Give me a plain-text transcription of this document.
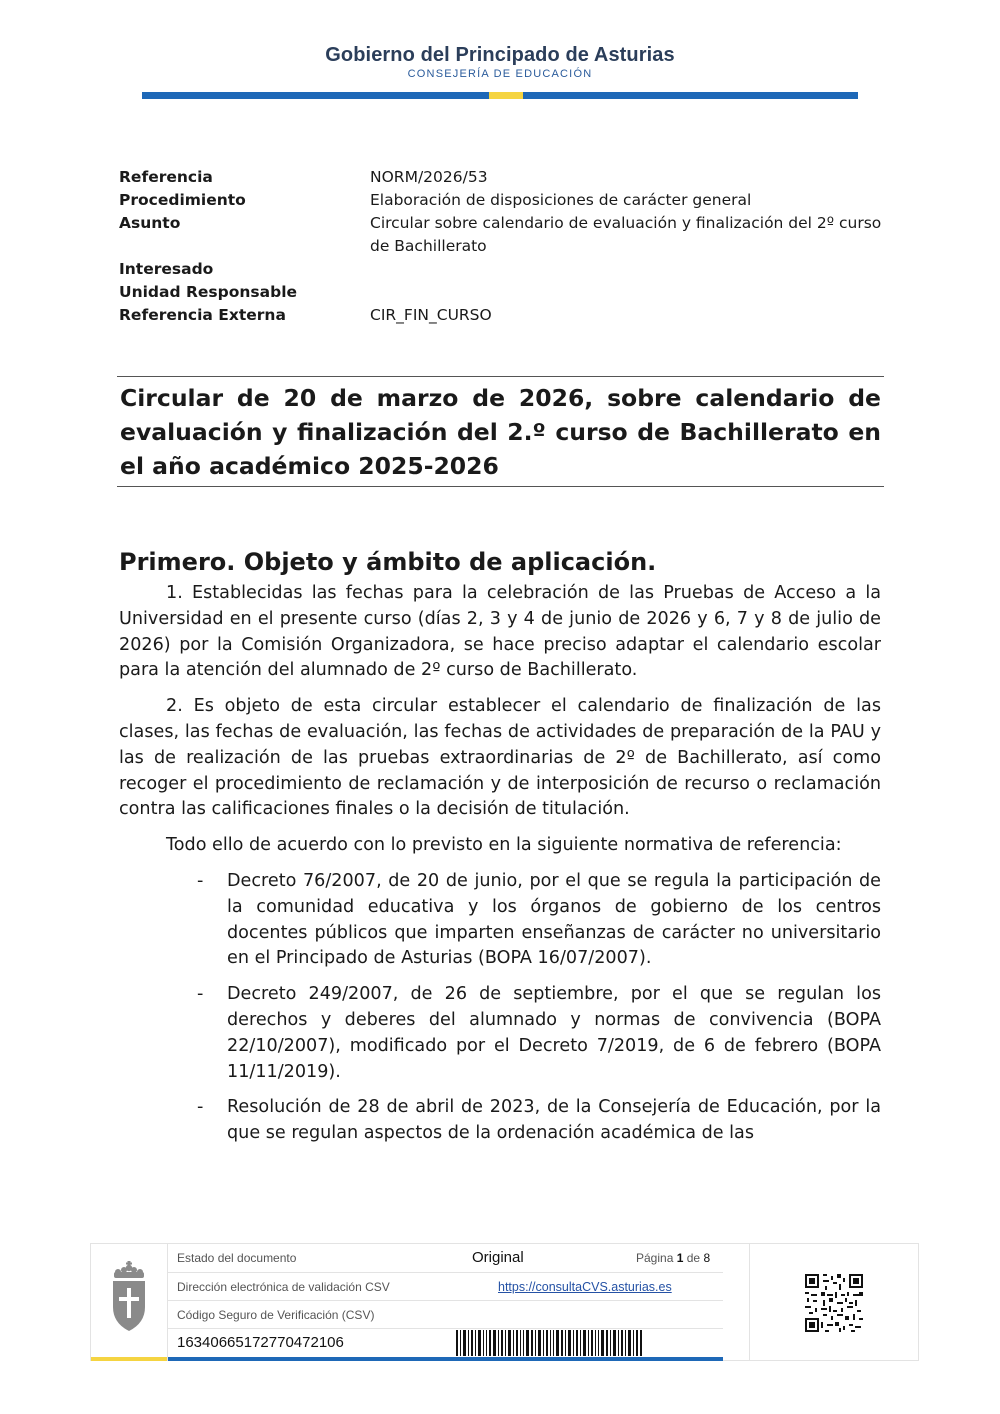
Gobierno del Principado de Asturias
CONSEJERÍA DE EDUCACIÓN
Referencia	NORM/2026/53
Procedimiento	Elaboración de disposiciones de carácter general
Asunto	Circular sobre calendario de evaluación y finalización del 2º curso de Bachillerato
Interesado
Unidad Responsable
Referencia Externa	CIR_FIN_CURSO
Circular de 20 de marzo de 2026, sobre calendario de evaluación y finalización del 2.º curso de Bachillerato en el año académico 2025-2026
Primero. Objeto y ámbito de aplicación.

1. Establecidas las fechas para la celebración de las Pruebas de Acceso a la Universidad en el presente curso (días 2, 3 y 4 de junio de 2026 y 6, 7 y 8 de julio de 2026) por la Comisión Organizadora, se hace preciso adaptar el calendario escolar para la atención del alumnado de 2º curso de Bachillerato.

2. Es objeto de esta circular establecer el calendario de finalización de las clases, las fechas de evaluación, las fechas de actividades de preparación de la PAU y las de realización de las pruebas extraordinarias de 2º de Bachillerato, así como recoger el procedimiento de reclamación y de interposición de recurso o reclamación contra las calificaciones finales o la decisión de titulación.

Todo ello de acuerdo con lo previsto en la siguiente normativa de referencia:

-	Decreto 76/2007, de 20 de junio, por el que se regula la participación de la comunidad educativa y los órganos de gobierno de los centros docentes públicos que imparten enseñanzas de carácter no universitario en el Principado de Asturias (BOPA 16/07/2007).
-	Decreto 249/2007, de 26 de septiembre, por el que se regulan los derechos y deberes del alumnado y normas de convivencia (BOPA 22/10/2007), modificado por el Decreto 7/2019, de 6 de febrero (BOPA 11/11/2019).
-	Resolución de 28 de abril de 2023, de la Consejería de Educación, por la que se regulan aspectos de la ordenación académica de las
Estado del documento	Original	Página 1 de 8
Dirección electrónica de validación CSV	https://consultaCVS.asturias.es
Código Seguro de Verificación (CSV)
16340665172770472106
